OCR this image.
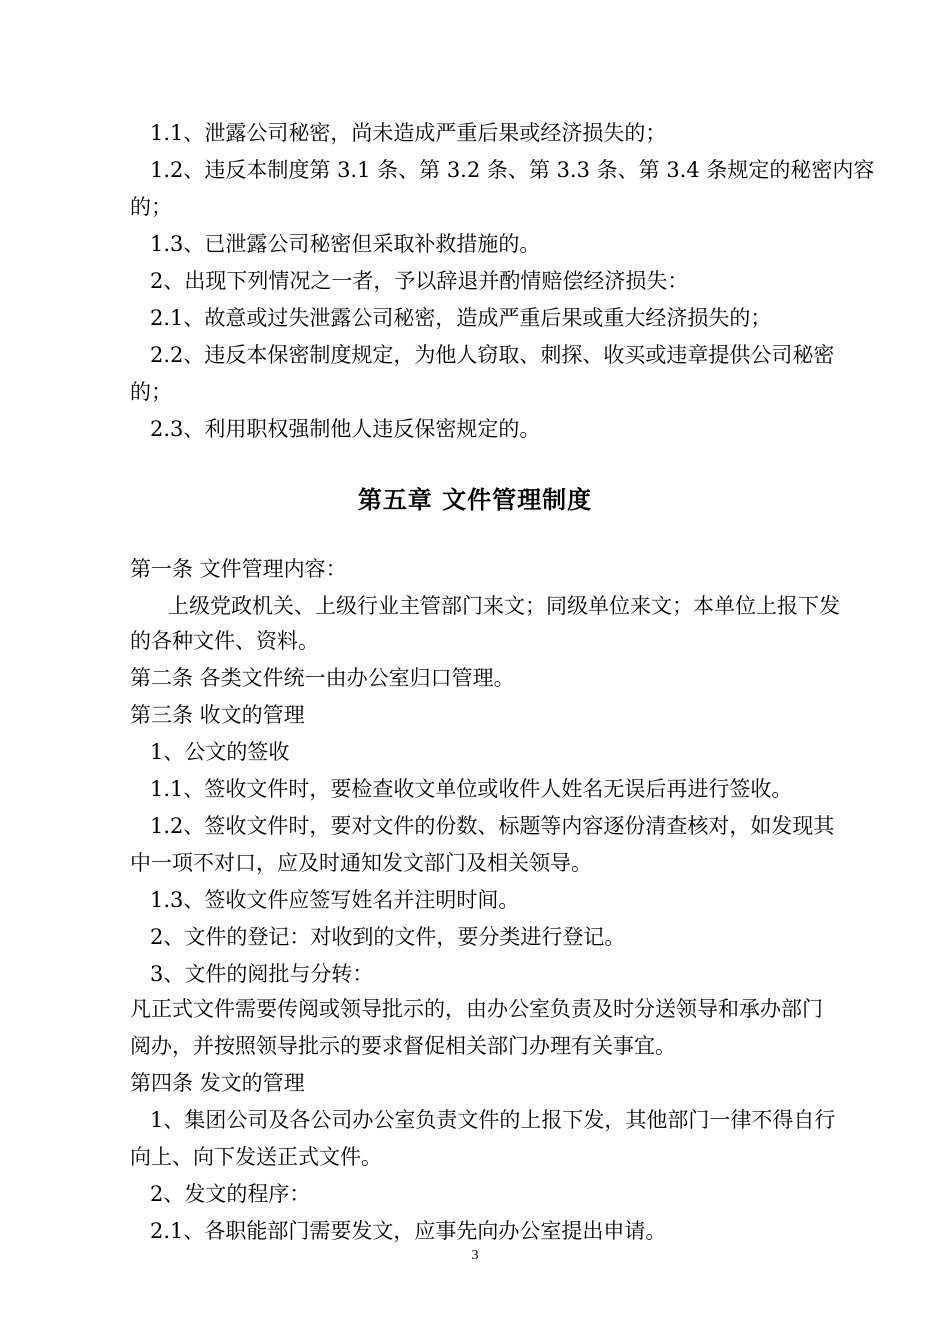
1.1、泄露公司秘密，尚未造成严重后果或经济损失的；
1.2、违反本制度第 3.1 条、第 3.2 条、第 3.3 条、第 3.4 条规定的秘密内容
的；
1.3、已泄露公司秘密但采取补救措施的。
2、出现下列情况之一者，予以辞退并酌情赔偿经济损失：
2.1、故意或过失泄露公司秘密，造成严重后果或重大经济损失的；
2.2、违反本保密制度规定，为他人窃取、刺探、收买或违章提供公司秘密
的；
2.3、利用职权强制他人违反保密规定的。
第五章 文件管理制度
第一条 文件管理内容：
上级党政机关、上级行业主管部门来文；同级单位来文；本单位上报下发
的各种文件、资料。
第二条 各类文件统一由办公室归口管理。
第三条 收文的管理
1、公文的签收
1.1、签收文件时，要检查收文单位或收件人姓名无误后再进行签收。
1.2、签收文件时，要对文件的份数、标题等内容逐份清查核对，如发现其
中一项不对口，应及时通知发文部门及相关领导。
1.3、签收文件应签写姓名并注明时间。
2、文件的登记：对收到的文件，要分类进行登记。
3、文件的阅批与分转：
凡正式文件需要传阅或领导批示的，由办公室负责及时分送领导和承办部门
阅办，并按照领导批示的要求督促相关部门办理有关事宜。
第四条 发文的管理
1、集团公司及各公司办公室负责文件的上报下发，其他部门一律不得自行
向上、向下发送正式文件。
2、发文的程序：
2.1、各职能部门需要发文，应事先向办公室提出申请。
3
